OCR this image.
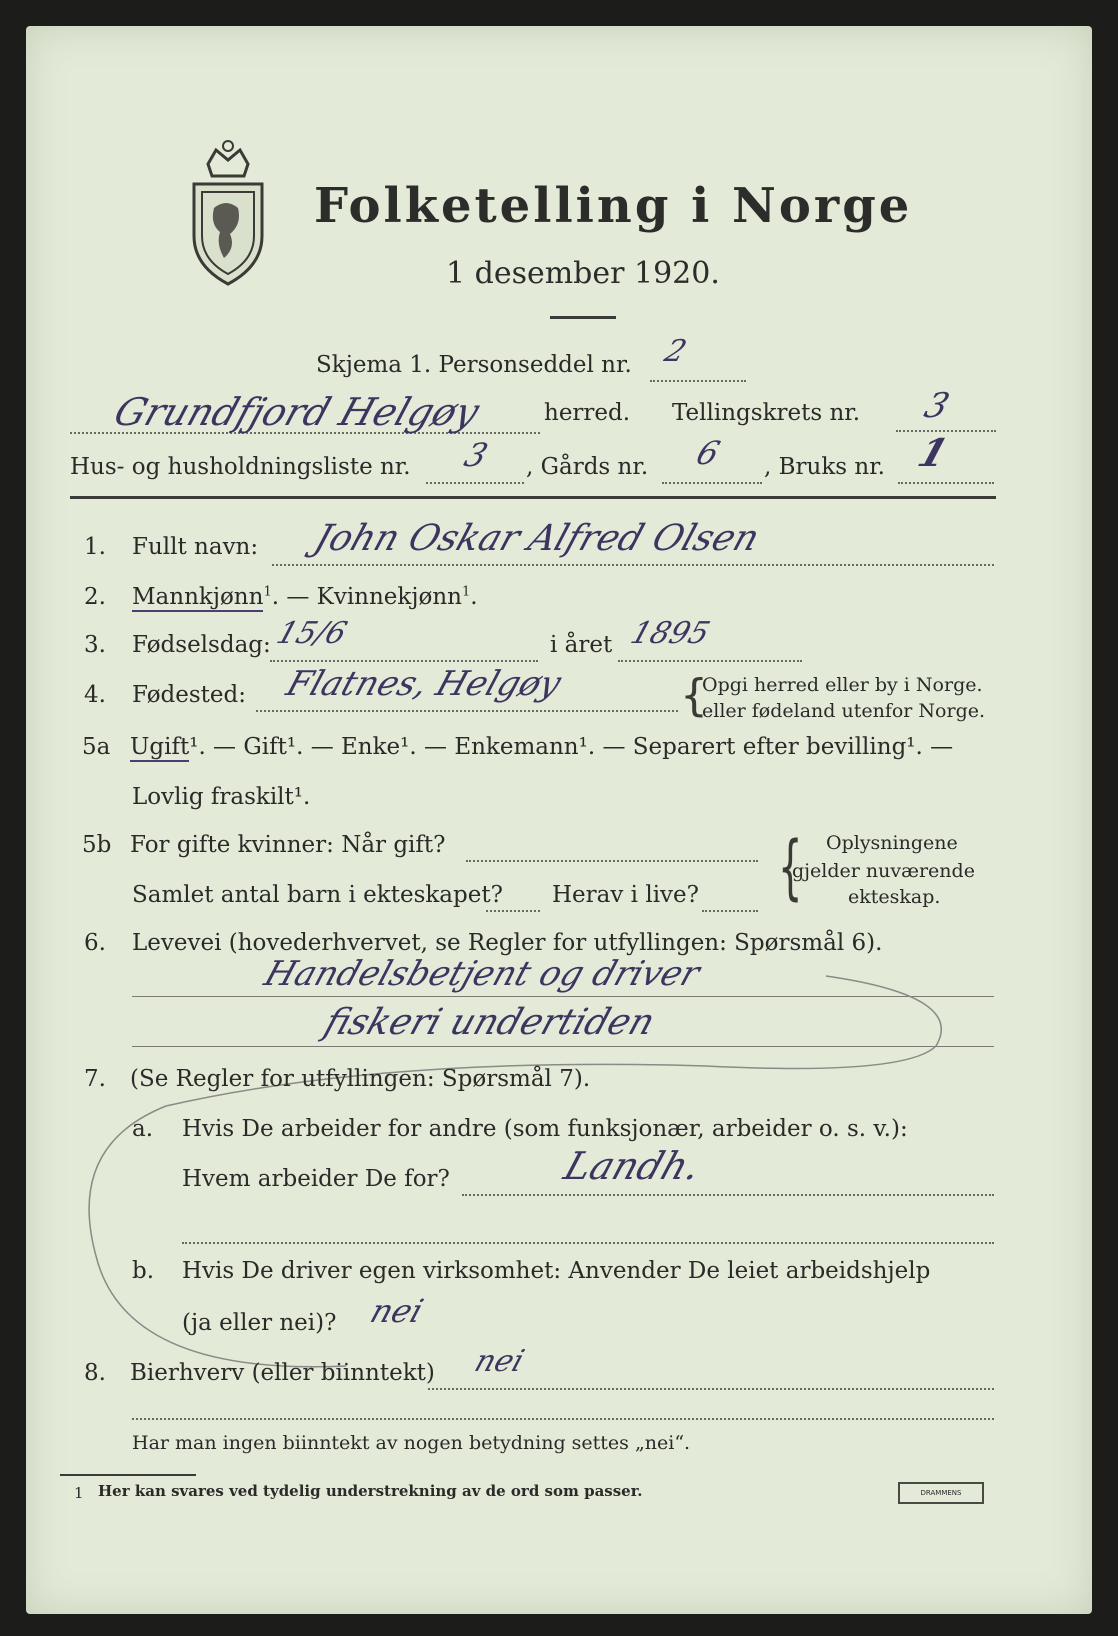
Folketelling i Norge
1 desember 1920.
Skjema 1. Personseddel nr. 2
Grundfjord Helgøy	herred. Tellingskrets nr. 3
Hus- og husholdningsliste nr. 3 , Gårds nr. 6 , Bruks nr. 1
1. Fullt navn: John Oskar Alfred Olsen
2. Mannkjønn$^1$. — Kvinnekjønn$^1$.
3. Fødselsdag: 15/6	i året 1895
4. Fødested: Flatnes, Helgøy	{
Opgi herred eller by i Norge.
eller fødeland utenfor Norge.
5a Ugift¹. — Gift¹. — Enke¹. — Enkemann¹. — Separert efter bevilling¹. —
Lovlig fraskilt¹.
5b For gifte kvinner: Når gift?
Samlet antal barn i ekteskapet? Herav i live? { Oplysningene
gjelder nuværende
ekteskap.
6. Levevei (hovederhvervet, se Regler for utfyllingen: Spørsmål 6).
Handelsbetjent og driver
fiskeri undertiden
7. (Se Regler for utfyllingen: Spørsmål 7).
a. Hvis De arbeider for andre (som funksjonær, arbeider o. s. v.):
Hvem arbeider De for?	Landh.
b. Hvis De driver egen virksomhet: Anvender De leiet arbeidshjelp
(ja eller nei)? nei
8. Bierhverv (eller biinntekt) nei
Har man ingen biinntekt av nogen betydning settes „nei“.
1 Her kan svares ved tydelig understrekning av de ord som passer.	DRAMMENS
